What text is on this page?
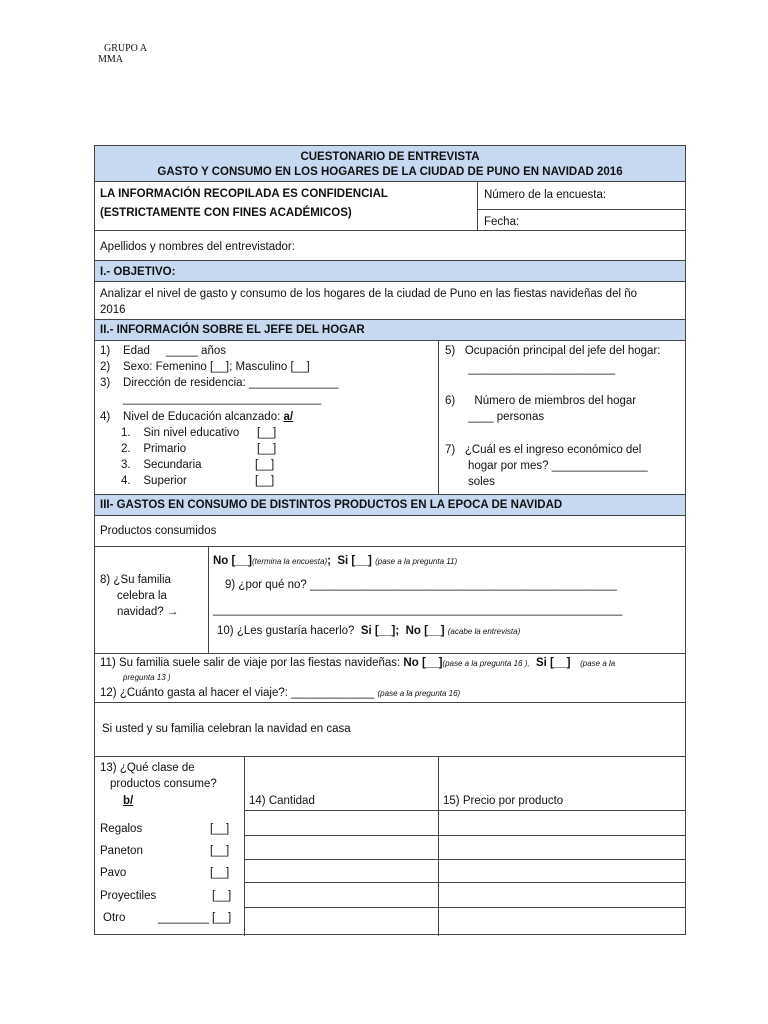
GRUPO A
MMA
CUESTONARIO DE ENTREVISTA
GASTO Y CONSUMO EN LOS HOGARES DE LA CIUDAD DE PUNO EN NAVIDAD 2016
LA INFORMACIÓN RECOPILADA ES CONFIDENCIAL
(ESTRICTAMENTE CON FINES ACADÉMICOS)
Número de la encuesta:
Fecha:
Apellidos y nombres del entrevistador:
I.- OBJETIVO:
Analizar el nivel de gasto y consumo de los hogares de la ciudad de Puno en las fiestas navideñas del ño
2016
II.- INFORMACIÓN SOBRE EL JEFE DEL HOGAR
1) Edad _____ años
2) Sexo: Femenino [__]; Masculino [__]
3) Dirección de residencia: ______________
_______________________________
4) Nivel de Educación alcanzado: a/
1. Sin nivel educativo [__]
2. Primario	[__]
3. Secundaria	[__]
4. Superior	[__]
5) Ocupación principal del jefe del hogar:
_______________________
6) Número de miembros del hogar
____ personas
7) ¿Cuál es el ingreso económico del
hogar por mes? _______________
soles
III- GASTOS EN CONSUMO DE DISTINTOS PRODUCTOS EN LA EPOCA DE NAVIDAD
Productos consumidos
8) ¿Su familia
celebra la
navidad? →
No [__](termina la encuesta); Si [__] (pase a la pregunta 11)
9) ¿por qué no? ________________________________________________
________________________________________________________________
10) ¿Les gustaría hacerlo? Si [__]; No [__] (acabe la entrevista)
11) Su familia suele salir de viaje por las fiestas navideñas: No [__](pase a la pregunta 16 ), Si [__] (pase a la
pregunta 13 )
12) ¿Cuánto gasta al hacer el viaje?: _____________ (pase a la pregunta 16)
Si usted y su familia celebran la navidad en casa
13) ¿Qué clase de
productos consume?
b/	14) Cantidad	15) Precio por producto
Regalos	[__]
Paneton	[__]
Pavo	[__]
Proyectiles	[__]
Otro	________ [__]
